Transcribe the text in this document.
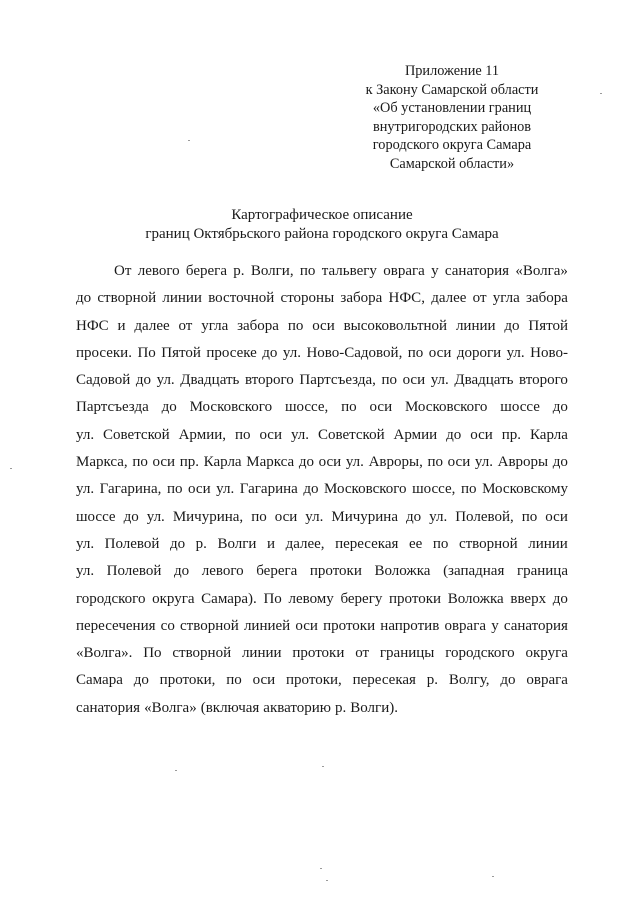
Приложение 11
к Закону Самарской области
«Об установлении границ
внутригородских районов
городского округа Самара
Самарской области»
Картографическое описание
границ Октябрьского района городского округа Самара
От левого берега р. Волги, по тальвегу оврага у санатория «Волга»
до створной линии восточной стороны забора НФС, далее от угла забора
НФС и далее от угла забора по оси высоковольтной линии до Пятой
просеки. По Пятой просеке до ул. Ново-Садовой, по оси дороги ул. Ново-
Садовой до ул. Двадцать второго Партсъезда, по оси ул. Двадцать второго
Партсъезда до Московского шоссе, по оси Московского шоссе до
ул. Советской Армии, по оси ул. Советской Армии до оси пр. Карла
Маркса, по оси пр. Карла Маркса до оси ул. Авроры, по оси ул. Авроры до
ул. Гагарина, по оси ул. Гагарина до Московского шоссе, по Московскому
шоссе до ул. Мичурина, по оси ул. Мичурина до ул. Полевой, по оси
ул. Полевой до р. Волги и далее, пересекая ее по створной линии
ул. Полевой до левого берега протоки Воложка (западная граница
городского округа Самара). По левому берегу протоки Воложка вверх до
пересечения со створной линией оси протоки напротив оврага у санатория
«Волга». По створной линии протоки от границы городского округа
Самара до протоки, по оси протоки, пересекая р. Волгу, до оврага
санатория «Волга» (включая акваторию р. Волги).
